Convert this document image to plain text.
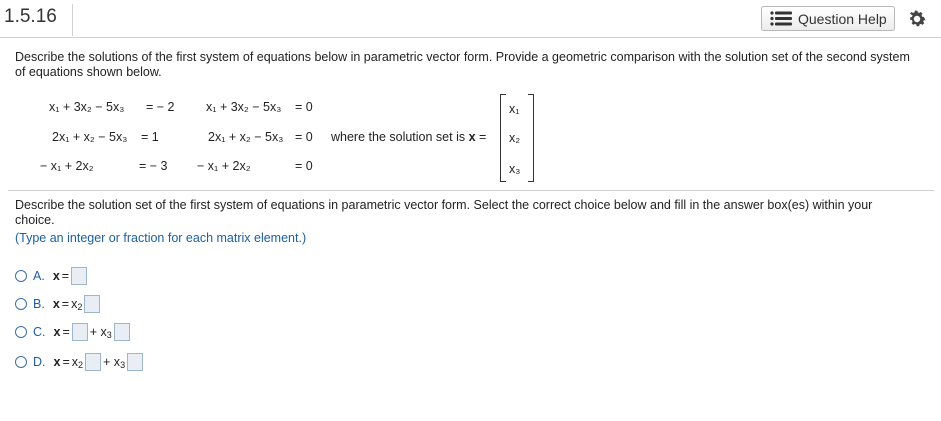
1.5.16	Question Help
Describe the solutions of the first system of equations below in parametric vector form. Provide a geometric comparison with the solution set of the second system of equations shown below.
x₁ + 3x₂ − 5x₃ = − 2
2x₁ + x₂ − 5x₃ = 1
− x₁ + 2x₂	= − 3
x₁ + 3x₂ − 5x₃ = 0
2x₁ + x₂ − 5x₃ = 0
− x₁ + 2x₂	= 0
where the solution set is x =
x₁
x₂
x₃
Describe the solution set of the first system of equations in parametric vector form. Select the correct choice below and fill in the answer box(es) within your choice.
(Type an integer or fraction for each matrix element.)
A. x =
B. x = x 2
C. x = + x 3
D. x = x 2 + x 3
